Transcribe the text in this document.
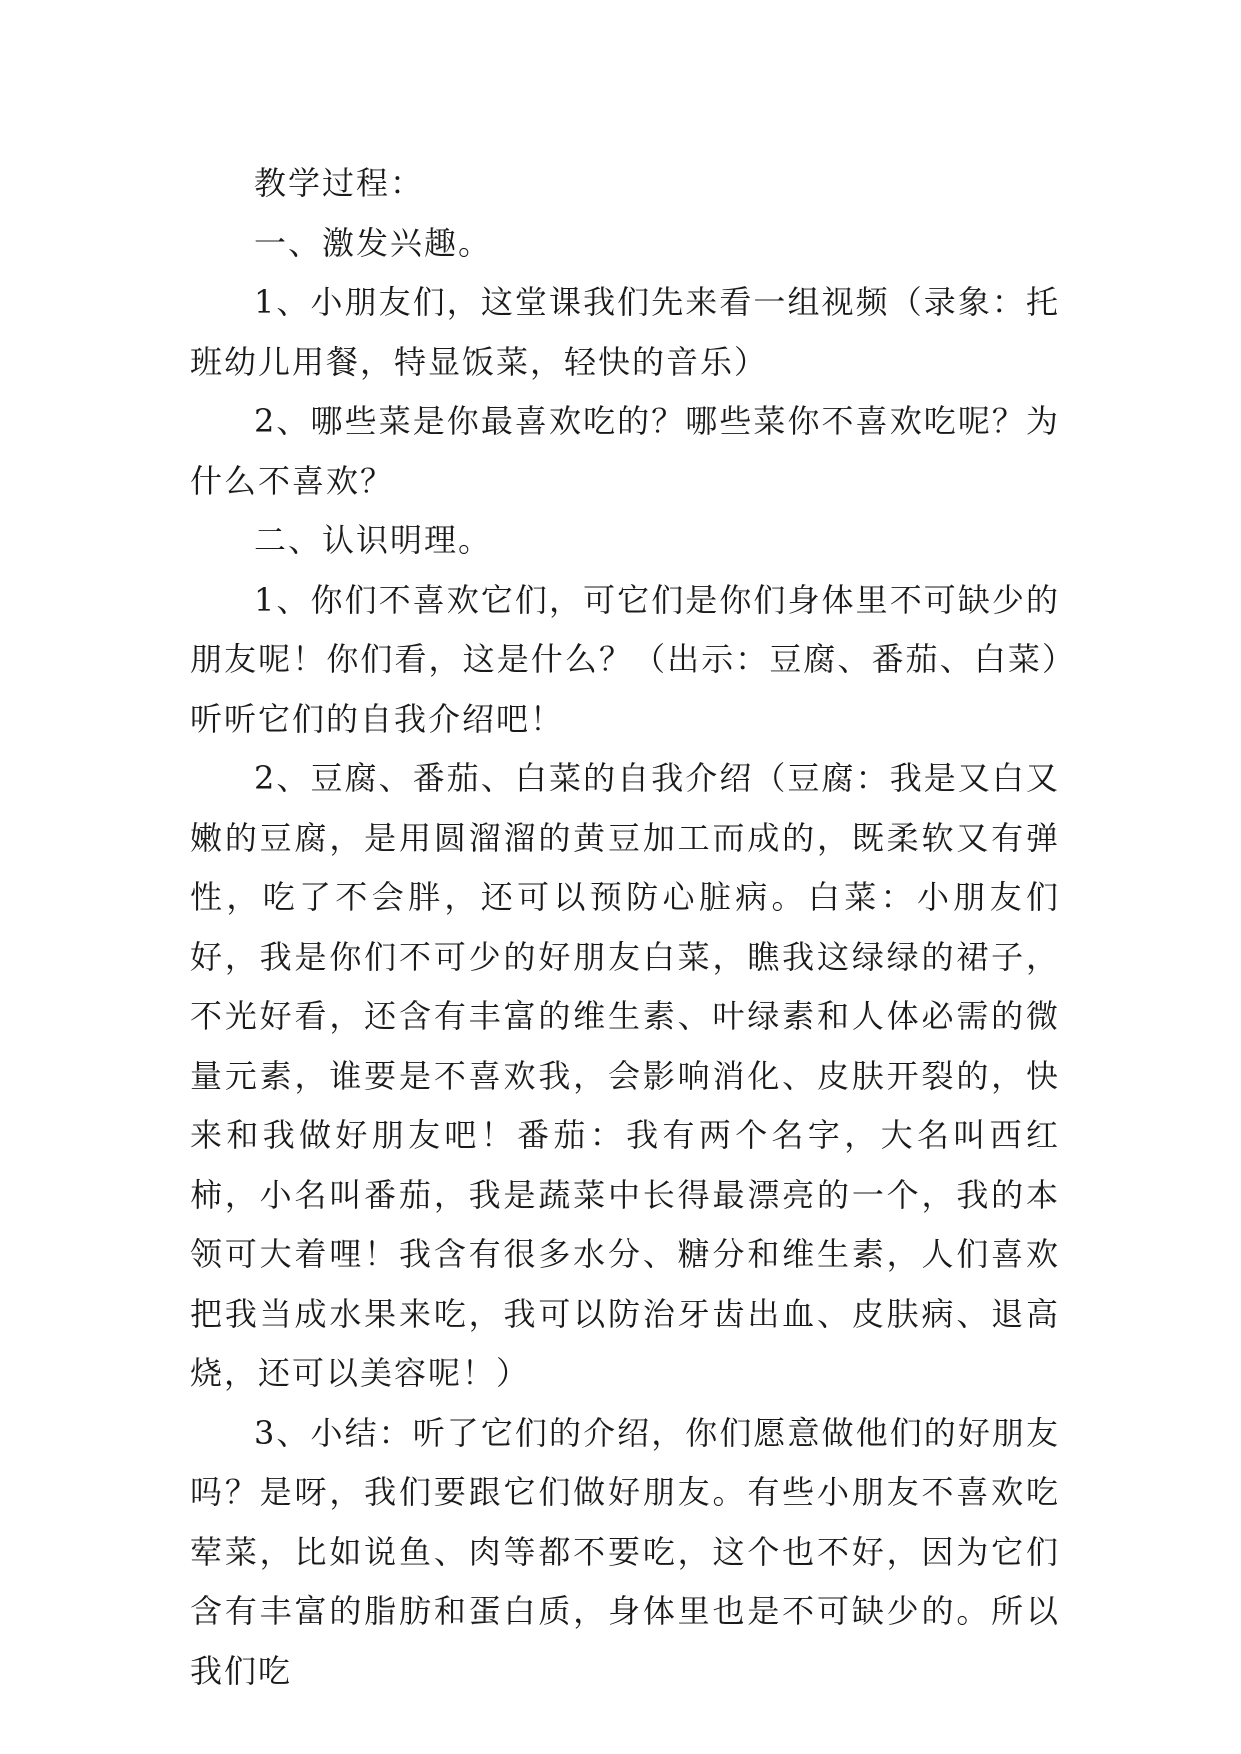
教学过程：

一、激发兴趣。

1、小朋友们，这堂课我们先来看一组视频（录象：托班幼儿用餐，特显饭菜，轻快的音乐）

2、哪些菜是你最喜欢吃的？哪些菜你不喜欢吃呢？为什么不喜欢？

二、认识明理。

1、你们不喜欢它们，可它们是你们身体里不可缺少的朋友呢！你们看，这是什么？（出示：豆腐、番茄、白菜）听听它们的自我介绍吧！

2、豆腐、番茄、白菜的自我介绍（豆腐：我是又白又嫩的豆腐，是用圆溜溜的黄豆加工而成的，既柔软又有弹性，吃了不会胖，还可以预防心脏病。白菜：小朋友们好，我是你们不可少的好朋友白菜，瞧我这绿绿的裙子，不光好看，还含有丰富的维生素、叶绿素和人体必需的微量元素，谁要是不喜欢我，会影响消化、皮肤开裂的，快来和我做好朋友吧！番茄：我有两个名字，大名叫西红柿，小名叫番茄，我是蔬菜中长得最漂亮的一个，我的本领可大着哩！我含有很多水分、糖分和维生素，人们喜欢把我当成水果来吃，我可以防治牙齿出血、皮肤病、退高烧，还可以美容呢！）

3、小结：听了它们的介绍，你们愿意做他们的好朋友吗？是呀，我们要跟它们做好朋友。有些小朋友不喜欢吃荤菜，比如说鱼、肉等都不要吃，这个也不好，因为它们含有丰富的脂肪和蛋白质，身体里也是不可缺少的。所以我们吃
